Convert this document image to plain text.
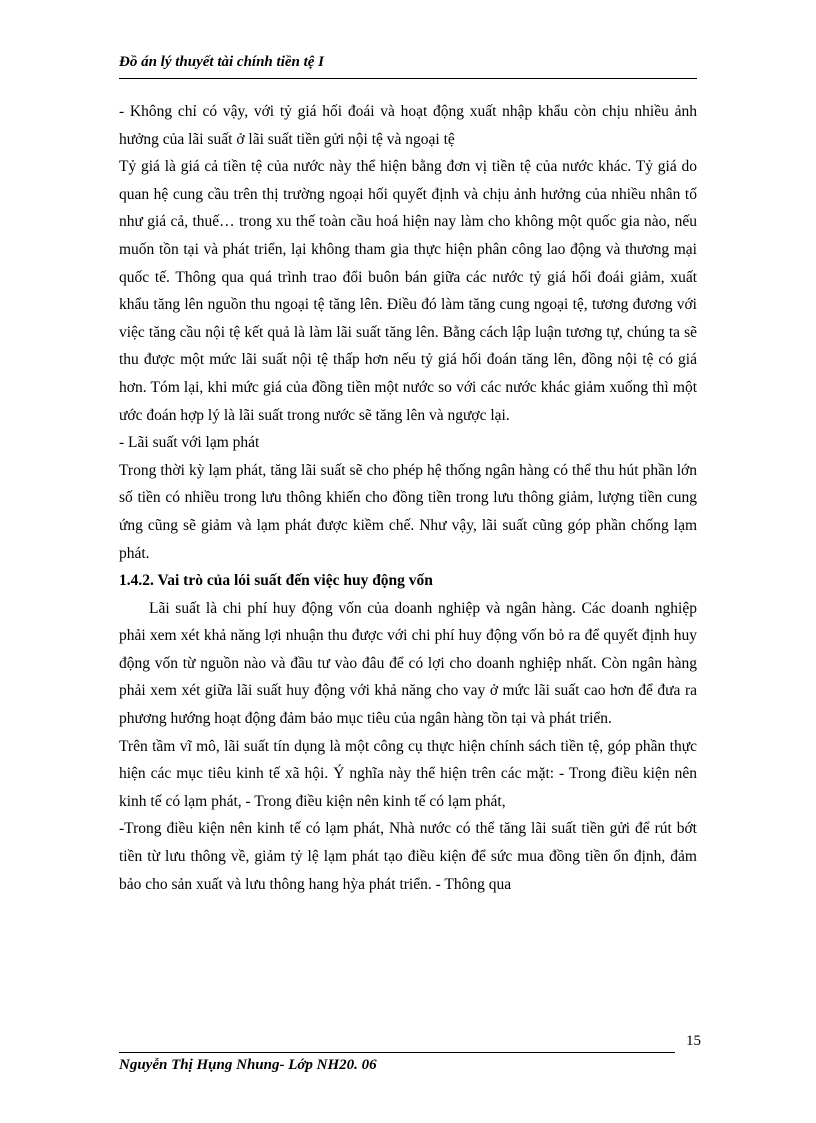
Đồ án lý thuyết tài chính tiền tệ I

- Không chỉ có vậy, với tỷ giá hối đoái và hoạt động xuất nhập khẩu còn chịu nhiều ảnh hưởng của lãi suất ở lãi suất tiền gửi nội tệ và ngoại tệ

Tỷ giá là giá cả tiền tệ của nước này thể hiện bằng đơn vị tiền tệ của nước khác. Tỷ giá do quan hệ cung cầu trên thị trường ngoại hối quyết định và chịu ảnh hưởng của nhiều nhân tố như giá cả, thuế… trong xu thế toàn cầu hoá hiện nay làm cho không một quốc gia nào, nếu muốn tồn tại và phát triển, lại không tham gia thực hiện phân công lao động và thương mại quốc tế. Thông qua quá trình trao đổi buôn bán giữa các nước tỷ giá hối đoái giảm, xuất khẩu tăng lên nguồn thu ngoại tệ tăng lên. Điều đó làm tăng cung ngoại tệ, tương đương với việc tăng cầu nội tệ kết quả là làm lãi suất tăng lên. Bằng cách lập luận tương tự, chúng ta sẽ thu được một mức lãi suất nội tệ thấp hơn nếu tỷ giá hối đoán tăng lên, đồng nội tệ có giá hơn. Tóm lại, khi mức giá của đồng tiền một nước so với các nước khác giảm xuống thì một ước đoán hợp lý là lãi suất trong nước sẽ tăng lên và ngược lại.

- Lãi suất với lạm phát

Trong thời kỳ lạm phát, tăng lãi suất sẽ cho phép hệ thống ngân hàng có thể thu hút phần lớn số tiền có nhiều trong lưu thông khiến cho đồng tiền trong lưu thông giảm, lượng tiền cung ứng cũng sẽ giảm và lạm phát được kiềm chế. Như vậy, lãi suất cũng góp phần chống lạm phát.

1.4.2. Vai trò của lói suất đến việc huy động vốn

Lãi suất là chi phí huy động vốn của doanh nghiệp và ngân hàng. Các doanh nghiệp phải xem xét khả năng lợi nhuận thu được với chi phí huy động vốn bỏ ra để quyết định huy động vốn từ nguồn nào và đầu tư vào đâu để có lợi cho doanh nghiệp nhất. Còn ngân hàng phải xem xét giữa lãi suất huy động với khả năng cho vay ở mức lãi suất cao hơn để đưa ra phương hướng hoạt động đảm bảo mục tiêu của ngân hàng tồn tại và phát triển.

Trên tầm vĩ mô, lãi suất tín dụng là một công cụ thực hiện chính sách tiền tệ, góp phần thực hiện các mục tiêu kinh tế xã hội. Ý nghĩa này thể hiện trên các mặt: - Trong điều kiện nên kinh tế có lạm phát, - Trong điều kiện nên kinh tế có lạm phát,

-Trong điều kiện nên kinh tế có lạm phát, Nhà nước có thể tăng lãi suất tiền gửi để rút bớt tiền từ lưu thông về, giảm tỷ lệ lạm phát tạo điều kiện để sức mua đồng tiền ổn định, đảm bảo cho sản xuất và lưu thông hang hỳa phát triển. - Thông qua

15
Nguyễn Thị Hụng Nhung- Lớp NH20. 06
